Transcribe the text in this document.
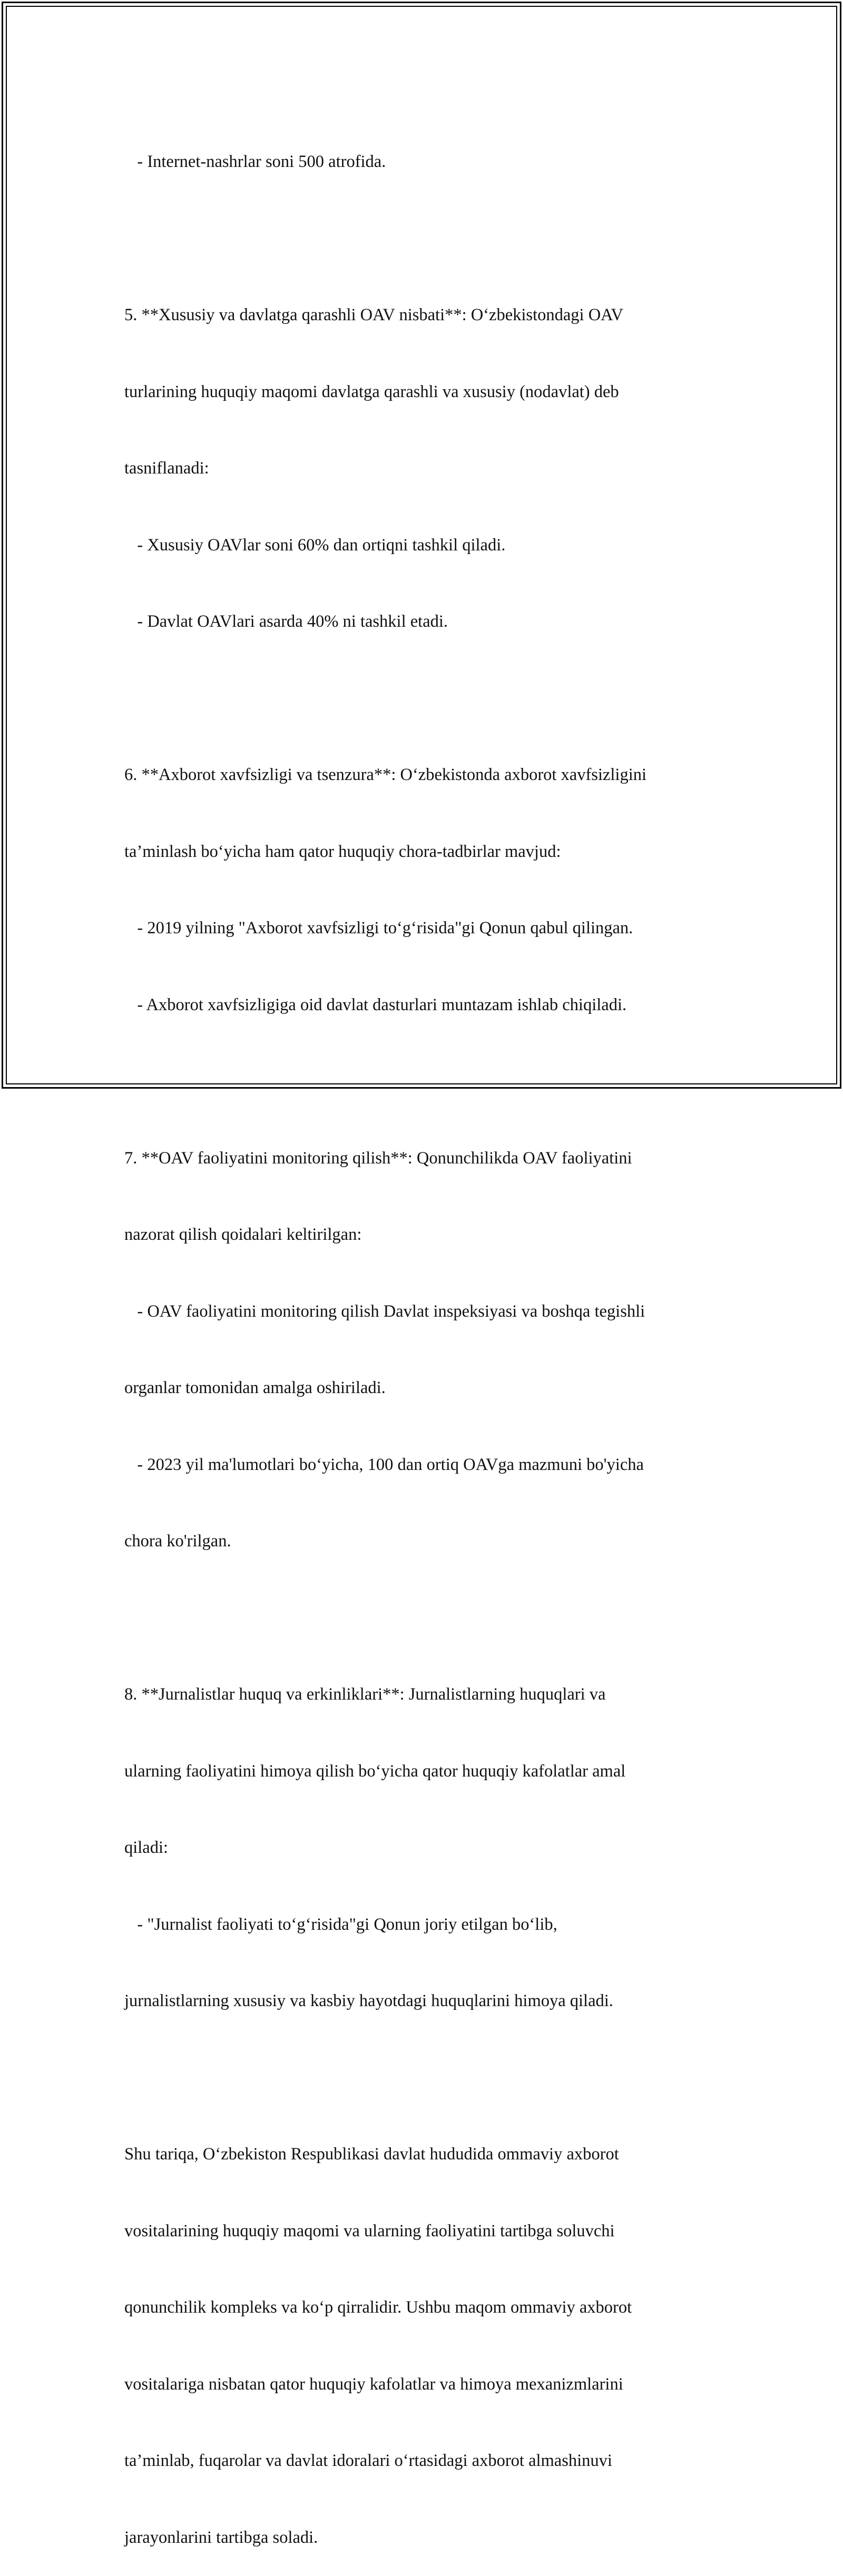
- Internet-nashrlar soni 500 atrofida.

5. **Xususiy va davlatga qarashli OAV nisbati**: O‘zbekistondagi OAV

turlarining huquqiy maqomi davlatga qarashli va xususiy (nodavlat) deb

tasniflanadi:

- Xususiy OAVlar soni 60% dan ortiqni tashkil qiladi.

- Davlat OAVlari asarda 40% ni tashkil etadi.

6. **Axborot xavfsizligi va tsenzura**: O‘zbekistonda axborot xavfsizligini

ta’minlash bo‘yicha ham qator huquqiy chora-tadbirlar mavjud:

- 2019 yilning "Axborot xavfsizligi to‘g‘risida"gi Qonun qabul qilingan.

- Axborot xavfsizligiga oid davlat dasturlari muntazam ishlab chiqiladi.

7. **OAV faoliyatini monitoring qilish**: Qonunchilikda OAV faoliyatini

nazorat qilish qoidalari keltirilgan:

- OAV faoliyatini monitoring qilish Davlat inspeksiyasi va boshqa tegishli

organlar tomonidan amalga oshiriladi.

- 2023 yil ma'lumotlari bo‘yicha, 100 dan ortiq OAVga mazmuni bo'yicha

chora ko'rilgan.

8. **Jurnalistlar huquq va erkinliklari**: Jurnalistlarning huquqlari va

ularning faoliyatini himoya qilish bo‘yicha qator huquqiy kafolatlar amal

qiladi:

- "Jurnalist faoliyati to‘g‘risida"gi Qonun joriy etilgan bo‘lib,

jurnalistlarning xususiy va kasbiy hayotdagi huquqlarini himoya qiladi.

Shu tariqa, O‘zbekiston Respublikasi davlat hududida ommaviy axborot

vositalarining huquqiy maqomi va ularning faoliyatini tartibga soluvchi

qonunchilik kompleks va ko‘p qirralidir. Ushbu maqom ommaviy axborot

vositalariga nisbatan qator huquqiy kafolatlar va himoya mexanizmlarini

ta’minlab, fuqarolar va davlat idoralari o‘rtasidagi axborot almashinuvi

jarayonlarini tartibga soladi.
